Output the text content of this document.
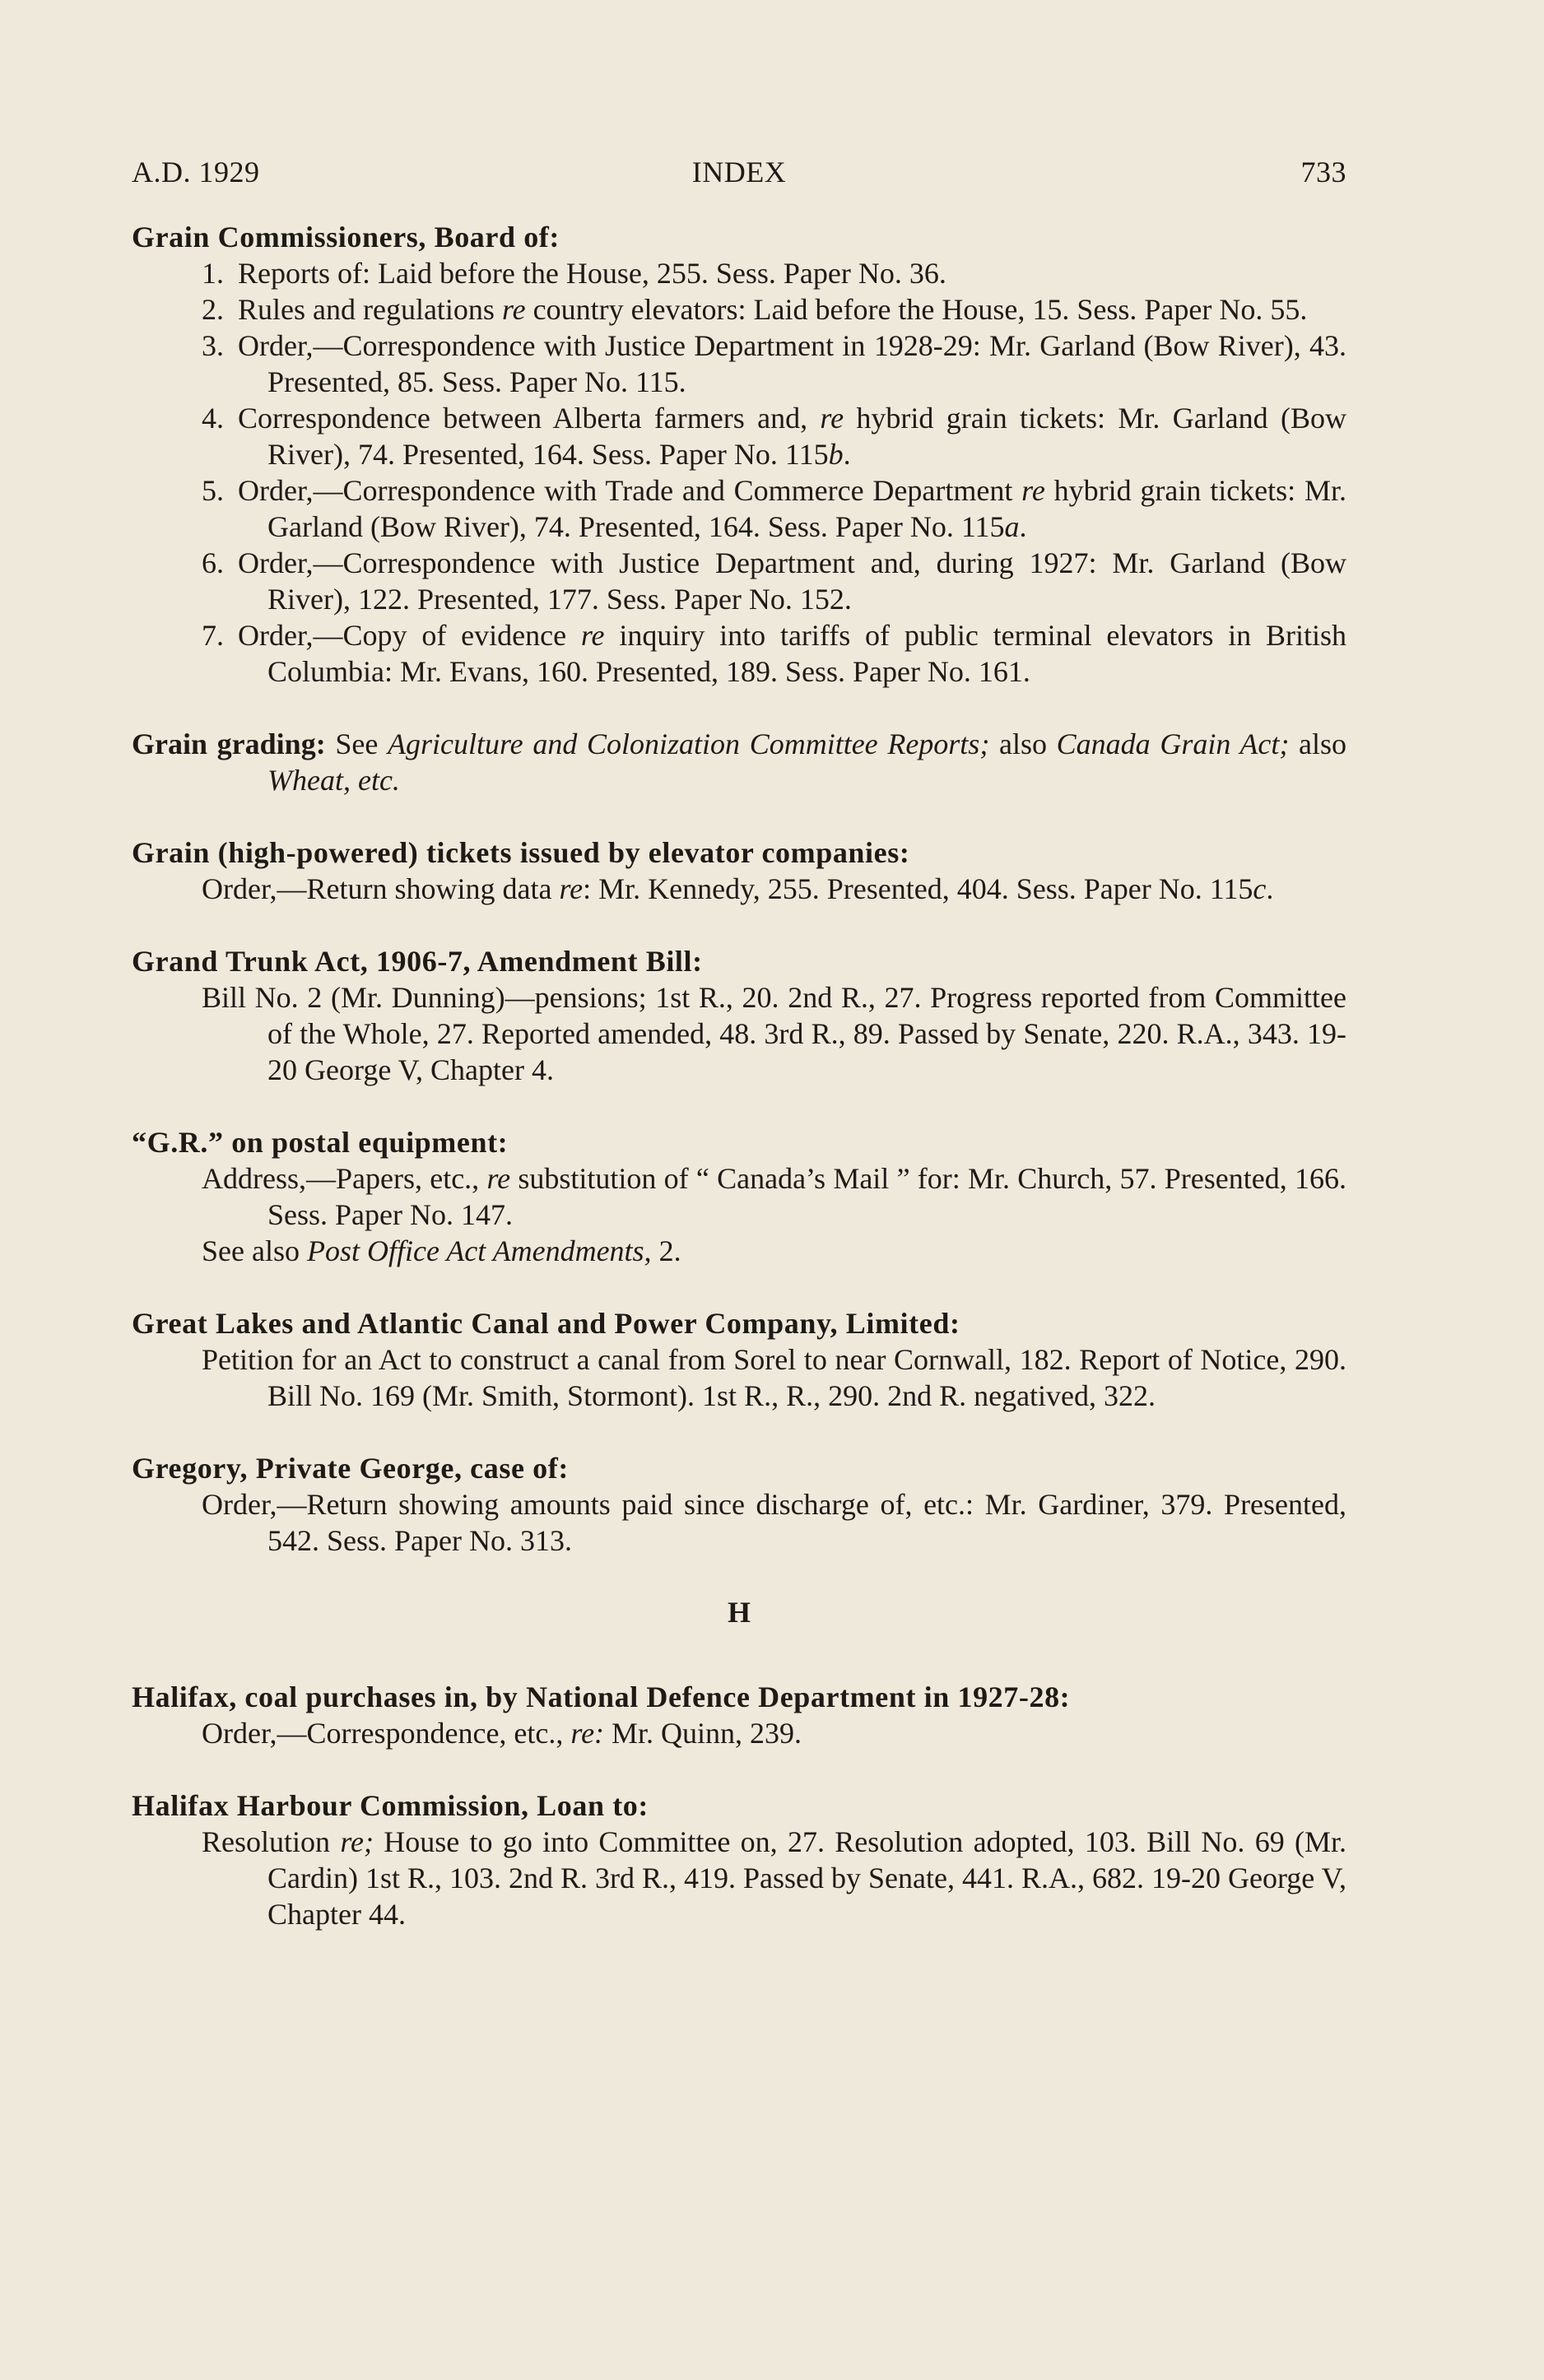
A.D. 1929	INDEX	733
Grain Commissioners, Board of:
1. Reports of: Laid before the House, 255. Sess. Paper No. 36.
2. Rules and regulations re country elevators: Laid before the House, 15. Sess. Paper No. 55.
3. Order,—Correspondence with Justice Department in 1928-29: Mr. Garland (Bow River), 43. Presented, 85. Sess. Paper No. 115.
4. Correspondence between Alberta farmers and, re hybrid grain tickets: Mr. Garland (Bow River), 74. Presented, 164. Sess. Paper No. 115b.
5. Order,—Correspondence with Trade and Commerce Department re hybrid grain tickets: Mr. Garland (Bow River), 74. Presented, 164. Sess. Paper No. 115a.
6. Order,—Correspondence with Justice Department and, during 1927: Mr. Garland (Bow River), 122. Presented, 177. Sess. Paper No. 152.
7. Order,—Copy of evidence re inquiry into tariffs of public terminal elevators in British Columbia: Mr. Evans, 160. Presented, 189. Sess. Paper No. 161.
Grain grading: See Agriculture and Colonization Committee Reports; also Canada Grain Act; also Wheat, etc.
Grain (high-powered) tickets issued by elevator companies:
Order,—Return showing data re: Mr. Kennedy, 255. Presented, 404. Sess. Paper No. 115c.
Grand Trunk Act, 1906-7, Amendment Bill:
Bill No. 2 (Mr. Dunning)—pensions; 1st R., 20. 2nd R., 27. Progress reported from Committee of the Whole, 27. Reported amended, 48. 3rd R., 89. Passed by Senate, 220. R.A., 343. 19-20 George V, Chapter 4.
“G.R.” on postal equipment:
Address,—Papers, etc., re substitution of “ Canada’s Mail ” for: Mr. Church, 57. Presented, 166. Sess. Paper No. 147.
See also Post Office Act Amendments, 2.
Great Lakes and Atlantic Canal and Power Company, Limited:
Petition for an Act to construct a canal from Sorel to near Cornwall, 182. Report of Notice, 290. Bill No. 169 (Mr. Smith, Stormont). 1st R., R., 290. 2nd R. negatived, 322.
Gregory, Private George, case of:
Order,—Return showing amounts paid since discharge of, etc.: Mr. Gardiner, 379. Presented, 542. Sess. Paper No. 313.
H
Halifax, coal purchases in, by National Defence Department in 1927-28:
Order,—Correspondence, etc., re: Mr. Quinn, 239.
Halifax Harbour Commission, Loan to:
Resolution re; House to go into Committee on, 27. Resolution adopted, 103. Bill No. 69 (Mr. Cardin) 1st R., 103. 2nd R. 3rd R., 419. Passed by Senate, 441. R.A., 682. 19-20 George V, Chapter 44.
